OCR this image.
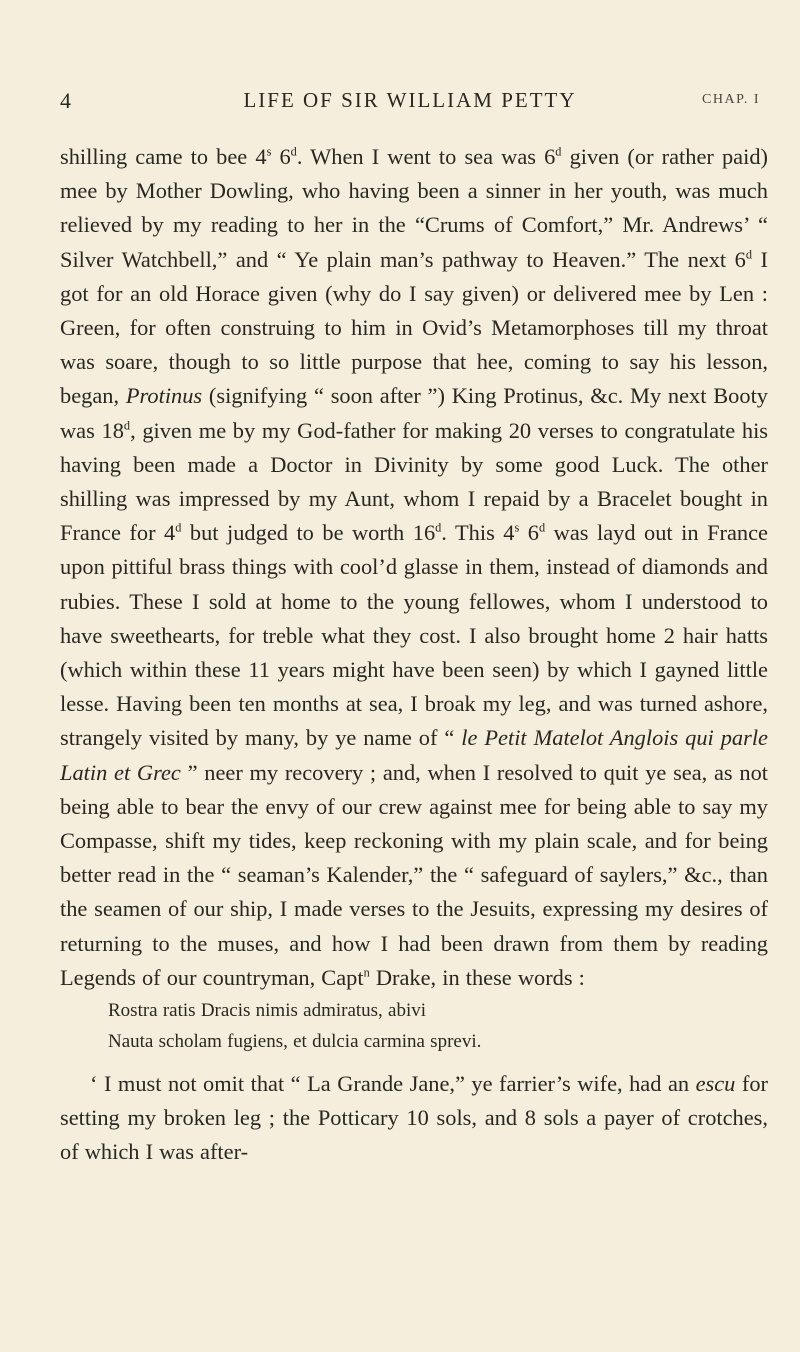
4	LIFE OF SIR WILLIAM PETTY	CHAP. I

shilling came to bee 4$^s$ 6$^d$. When I went to sea was 6$^d$ given (or rather paid) mee by Mother Dowling, who having been a sinner in her youth, was much relieved by my reading to her in the “Crums of Comfort,” Mr. Andrews’ “ Silver Watchbell,” and “ Ye plain man’s pathway to Heaven.” The next 6$^d$ I got for an old Horace given (why do I say given) or delivered mee by Len : Green, for often construing to him in Ovid’s Metamorphoses till my throat was soare, though to so little purpose that hee, coming to say his lesson, began, Protinus (signifying “ soon after ”) King Protinus, &c. My next Booty was 18$^d$, given me by my God-father for making 20 verses to congratulate his having been made a Doctor in Divinity by some good Luck. The other shilling was impressed by my Aunt, whom I repaid by a Bracelet bought in France for 4$^d$ but judged to be worth 16$^d$. This 4$^s$ 6$^d$ was layd out in France upon pittiful brass things with cool’d glasse in them, instead of diamonds and rubies. These I sold at home to the young fellowes, whom I understood to have sweethearts, for treble what they cost. I also brought home 2 hair hatts (which within these 11 years might have been seen) by which I gayned little lesse. Having been ten months at sea, I broak my leg, and was turned ashore, strangely visited by many, by ye name of “ le Petit Matelot Anglois qui parle Latin et Grec ” neer my recovery ; and, when I resolved to quit ye sea, as not being able to bear the envy of our crew against mee for being able to say my Compasse, shift my tides, keep reckoning with my plain scale, and for being better read in the “ seaman’s Kalender,” the “ safeguard of saylers,” &c., than the seamen of our ship, I made verses to the Jesuits, expressing my desires of returning to the muses, and how I had been drawn from them by reading Legends of our countryman, Capt$^n$ Drake, in these words :

Rostra ratis Dracis nimis admiratus, abivi
Nauta scholam fugiens, et dulcia carmina sprevi.

‘ I must not omit that “ La Grande Jane,” ye farrier’s wife, had an escu for setting my broken leg ; the Potticary 10 sols, and 8 sols a payer of crotches, of which I was after-
